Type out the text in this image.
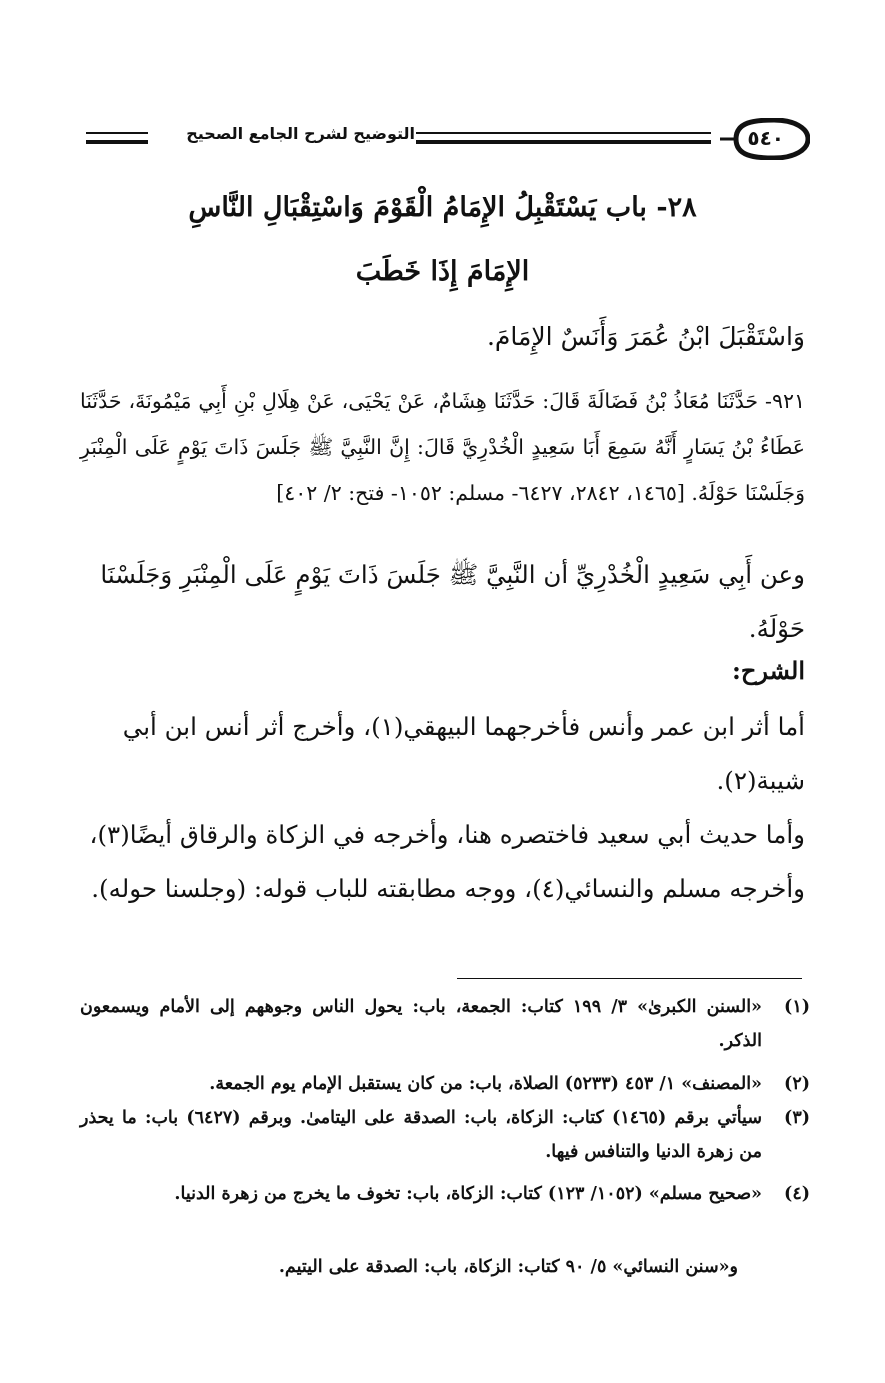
التوضيح لشرح الجامع الصحيح	٥٤٠
٢٨- باب يَسْتَقْبِلُ الإِمَامُ الْقَوْمَ وَاسْتِقْبَالِ النَّاسِ
الإِمَامَ إِذَا خَطَبَ
وَاسْتَقْبَلَ ابْنُ عُمَرَ وَأَنَسٌ الإِمَامَ.
٩٢١- حَدَّثَنَا مُعَاذُ بْنُ فَضَالَةَ قَالَ: حَدَّثَنَا هِشَامٌ، عَنْ يَحْيَى، عَنْ هِلَالِ بْنِ أَبِي مَيْمُونَةَ، حَدَّثَنَا عَطَاءُ بْنُ يَسَارٍ أَنَّهُ سَمِعَ أَبَا سَعِيدٍ الْخُدْرِيَّ قَالَ: إِنَّ النَّبِيَّ ﷺ جَلَسَ ذَاتَ يَوْمٍ عَلَى الْمِنْبَرِ وَجَلَسْنَا حَوْلَهُ. [١٤٦٥، ٢٨٤٢، ٦٤٢٧- مسلم: ١٠٥٢- فتح: ٢/ ٤٠٢]
وعن أَبِي سَعِيدٍ الْخُدْرِيِّ أن النَّبِيَّ ﷺ جَلَسَ ذَاتَ يَوْمٍ عَلَى الْمِنْبَرِ وَجَلَسْنَا حَوْلَهُ.
الشرح:
أما أثر ابن عمر وأنس فأخرجهما البيهقي(١)، وأخرج أثر أنس ابن أبي شيبة(٢).
وأما حديث أبي سعيد فاختصره هنا، وأخرجه في الزكاة والرقاق أيضًا(٣)، وأخرجه مسلم والنسائي(٤)، ووجه مطابقته للباب قوله: (وجلسنا حوله).
(١)
«السنن الكبرىٰ» ٣/ ١٩٩ كتاب: الجمعة، باب: يحول الناس وجوههم إلى الأمام ويسمعون الذكر.
(٢)
«المصنف» ١/ ٤٥٣ (٥٢٣٣) الصلاة، باب: من كان يستقبل الإمام يوم الجمعة.
(٣)
سيأتي برقم (١٤٦٥) كتاب: الزكاة، باب: الصدقة على اليتامىٰ. وبرقم (٦٤٢٧) باب: ما يحذر من زهرة الدنيا والتنافس فيها.
(٤)
«صحيح مسلم» (١٠٥٢/ ١٢٣) كتاب: الزكاة، باب: تخوف ما يخرج من زهرة الدنيا.
و«سنن النسائي» ٥/ ٩٠ كتاب: الزكاة، باب: الصدقة على اليتيم.
